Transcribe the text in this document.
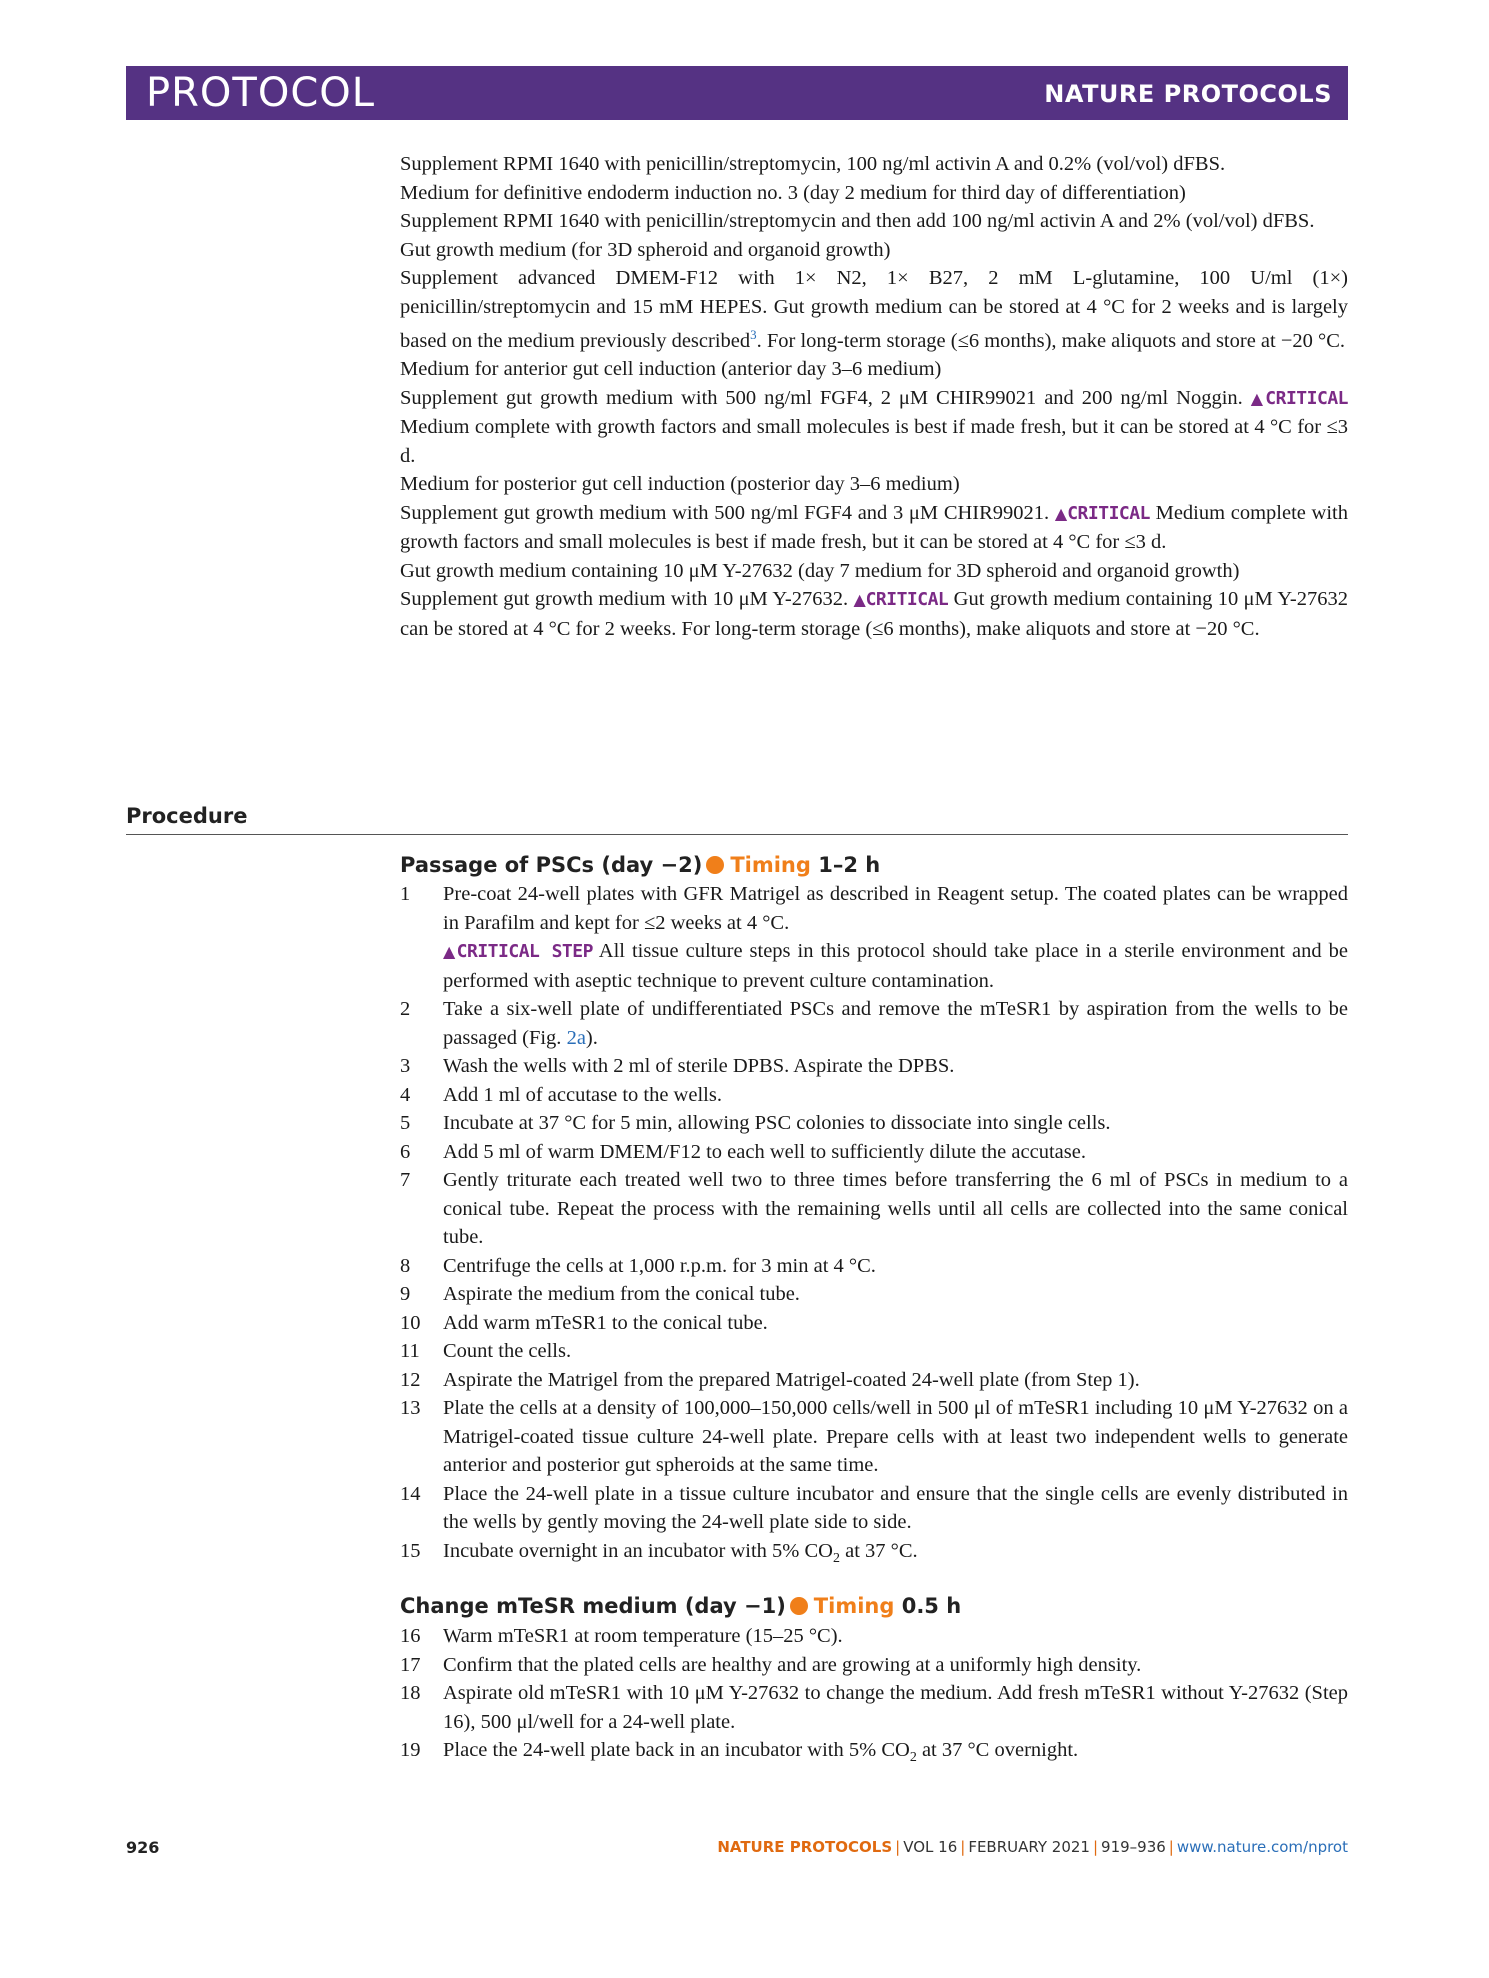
PROTOCOL	NATURE PROTOCOLS

Supplement RPMI 1640 with penicillin/streptomycin, 100 ng/ml activin A and 0.2% (vol/vol) dFBS.

Medium for definitive endoderm induction no. 3 (day 2 medium for third day of differentiation)

Supplement RPMI 1640 with penicillin/streptomycin and then add 100 ng/ml activin A and 2% (vol/vol) dFBS.

Gut growth medium (for 3D spheroid and organoid growth)

Supplement advanced DMEM-F12 with 1× N2, 1× B27, 2 mM L-glutamine, 100 U/ml (1×) penicillin/streptomycin and 15 mM HEPES. Gut growth medium can be stored at 4 °C for 2 weeks and is largely based on the medium previously described$^3$. For long-term storage (≤6 months), make aliquots and store at −20 °C.

Medium for anterior gut cell induction (anterior day 3–6 medium)

Supplement gut growth medium with 500 ng/ml FGF4, 2 μM CHIR99021 and 200 ng/ml Noggin. ▲CRITICAL Medium complete with growth factors and small molecules is best if made fresh, but it can be stored at 4 °C for ≤3 d.

Medium for posterior gut cell induction (posterior day 3–6 medium)

Supplement gut growth medium with 500 ng/ml FGF4 and 3 μM CHIR99021. ▲CRITICAL Medium complete with growth factors and small molecules is best if made fresh, but it can be stored at 4 °C for ≤3 d.

Gut growth medium containing 10 μM Y-27632 (day 7 medium for 3D spheroid and organoid growth)

Supplement gut growth medium with 10 μM Y-27632. ▲CRITICAL Gut growth medium containing 10 μM Y-27632 can be stored at 4 °C for 2 weeks. For long-term storage (≤6 months), make aliquots and store at −20 °C.

Procedure
Passage of PSCs (day −2) Timing 1–2 h
1 Pre-coat 24-well plates with GFR Matrigel as described in Reagent setup. The coated plates can be wrapped in Parafilm and kept for ≤2 weeks at 4 °C.
▲CRITICAL STEP All tissue culture steps in this protocol should take place in a sterile environment and be performed with aseptic technique to prevent culture contamination.
2 Take a six-well plate of undifferentiated PSCs and remove the mTeSR1 by aspiration from the wells to be passaged (Fig. 2a).
3 Wash the wells with 2 ml of sterile DPBS. Aspirate the DPBS.
4 Add 1 ml of accutase to the wells.
5 Incubate at 37 °C for 5 min, allowing PSC colonies to dissociate into single cells.
6 Add 5 ml of warm DMEM/F12 to each well to sufficiently dilute the accutase.
7 Gently triturate each treated well two to three times before transferring the 6 ml of PSCs in medium to a conical tube. Repeat the process with the remaining wells until all cells are collected into the same conical tube.
8 Centrifuge the cells at 1,000 r.p.m. for 3 min at 4 °C.
9 Aspirate the medium from the conical tube.
10 Add warm mTeSR1 to the conical tube.
11 Count the cells.
12 Aspirate the Matrigel from the prepared Matrigel-coated 24-well plate (from Step 1).
13 Plate the cells at a density of 100,000–150,000 cells/well in 500 μl of mTeSR1 including 10 μM Y-27632 on a Matrigel-coated tissue culture 24-well plate. Prepare cells with at least two independent wells to generate anterior and posterior gut spheroids at the same time.
14 Place the 24-well plate in a tissue culture incubator and ensure that the single cells are evenly distributed in the wells by gently moving the 24-well plate side to side.
15 Incubate overnight in an incubator with 5% $CO_2$ at 37 °C.
Change mTeSR medium (day −1) Timing 0.5 h
16 Warm mTeSR1 at room temperature (15–25 °C).
17 Confirm that the plated cells are healthy and are growing at a uniformly high density.
18 Aspirate old mTeSR1 with 10 μM Y-27632 to change the medium. Add fresh mTeSR1 without Y-27632 (Step 16), 500 μl/well for a 24-well plate.
19 Place the 24-well plate back in an incubator with 5% $CO_2$ at 37 °C overnight.
926	NATURE PROTOCOLS | VOL 16 | FEBRUARY 2021 | 919–936 | www.nature.com/nprot
